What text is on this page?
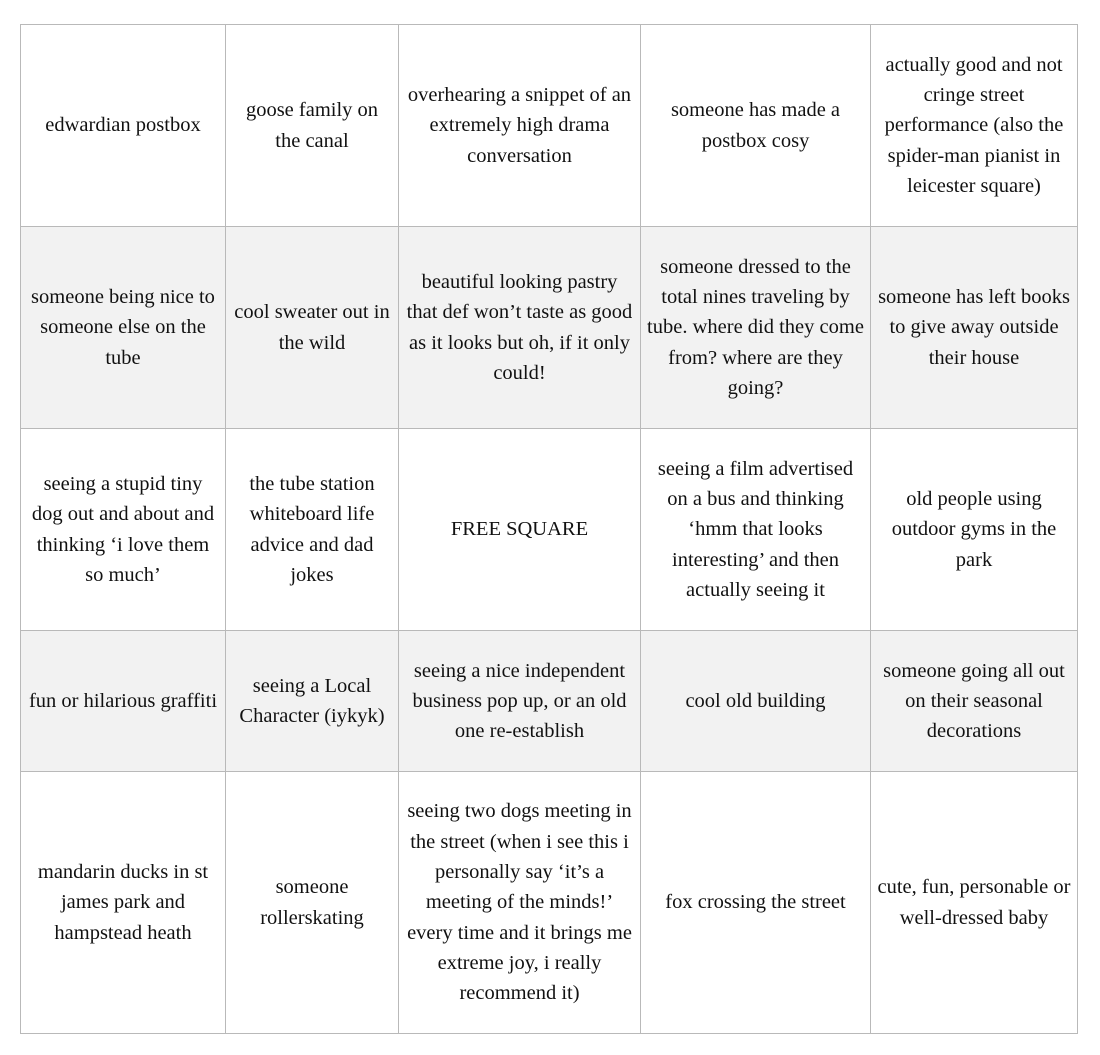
edwardian postbox	goose family on the canal	overhearing a snippet of an extremely high drama conversation	someone has made a postbox cosy	actually good and not cringe street performance (also the spider-man pianist in leicester square)
someone being nice to someone else on the tube	cool sweater out in the wild	beautiful looking pastry that def won’t taste as good as it looks but oh, if it only could!	someone dressed to the total nines traveling by tube. where did they come from? where are they going?	someone has left books to give away outside their house
seeing a stupid tiny dog out and about and thinking ‘i love them so much’	the tube station whiteboard life advice and dad jokes	FREE SQUARE	seeing a film advertised on a bus and thinking ‘hmm that looks interesting’ and then actually seeing it	old people using outdoor gyms in the park
fun or hilarious graffiti	seeing a Local Character (iykyk)	seeing a nice independent business pop up, or an old one re-establish	cool old building	someone going all out on their seasonal decorations
mandarin ducks in st james park and hampstead heath	someone rollerskating	seeing two dogs meeting in the street (when i see this i personally say ‘it’s a meeting of the minds!’ every time and it brings me extreme joy, i really recommend it)	fox crossing the street	cute, fun, personable or well-dressed baby
